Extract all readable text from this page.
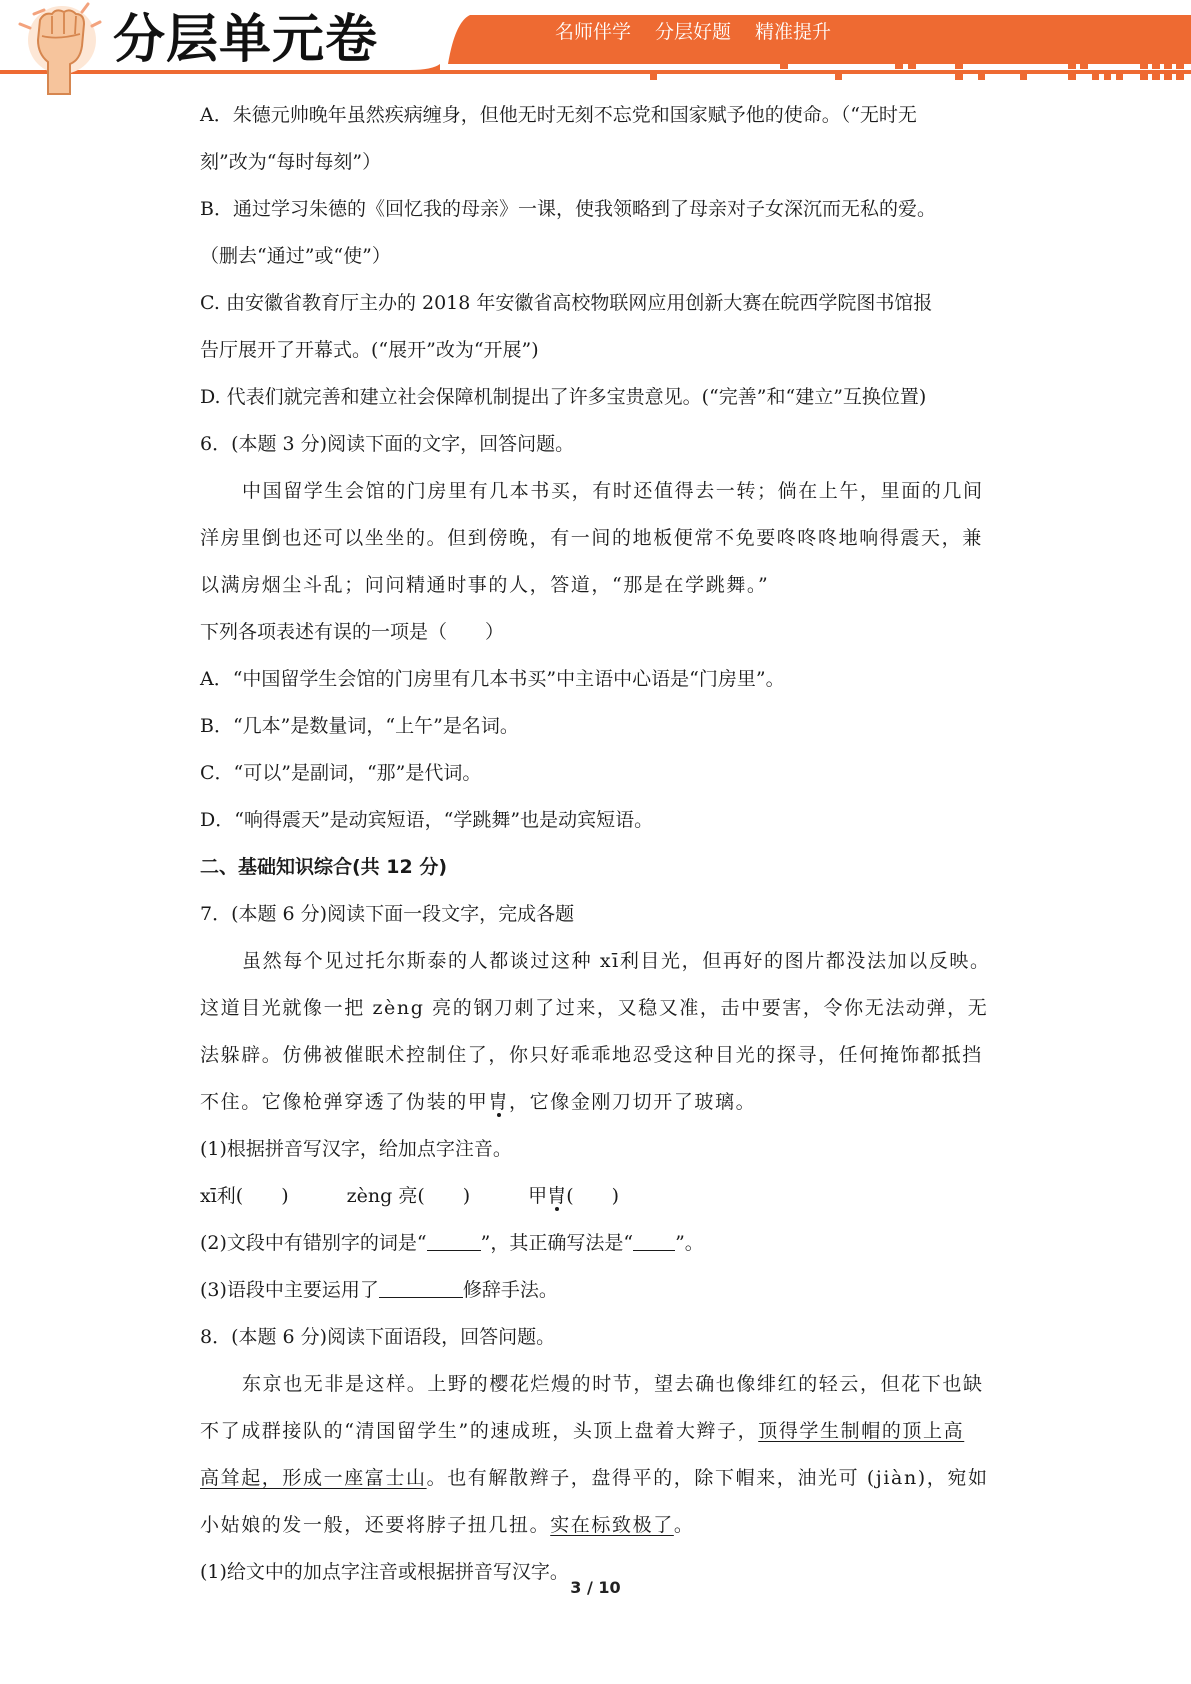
分层单元卷	名师伴学 分层好题 精准提升
A．朱德元帅晚年虽然疾病缠身，但他无时无刻不忘党和国家赋予他的使命。（“无时无
刻”改为“每时每刻”）
B．通过学习朱德的《回忆我的母亲》一课，使我领略到了母亲对子女深沉而无私的爱。
（删去“通过”或“使”）
C. 由安徽省教育厅主办的 2018 年安徽省高校物联网应用创新大赛在皖西学院图书馆报
告厅展开了开幕式。(“展开”改为“开展”)
D. 代表们就完善和建立社会保障机制提出了许多宝贵意见。(“完善”和“建立”互换位置)
6．(本题 3 分)阅读下面的文字，回答问题。
中国留学生会馆的门房里有几本书买，有时还值得去一转；倘在上午，里面的几间
洋房里倒也还可以坐坐的。但到傍晚，有一间的地板便常不免要咚咚咚地响得震天，兼
以满房烟尘斗乱；问问精通时事的人，答道，“那是在学跳舞。”
下列各项表述有误的一项是（　　）
A．“中国留学生会馆的门房里有几本书买”中主语中心语是“门房里”。
B．“几本”是数量词，“上午”是名词。
C．“可以”是副词，“那”是代词。
D．“响得震天”是动宾短语，“学跳舞”也是动宾短语。
二、基础知识综合(共 12 分)
7．(本题 6 分)阅读下面一段文字，完成各题
虽然每个见过托尔斯泰的人都谈过这种 xī利目光，但再好的图片都没法加以反映。
这道目光就像一把 zèng 亮的钢刀刺了过来，又稳又准，击中要害，令你无法动弹，无
法躲辟。仿佛被催眠术控制住了，你只好乖乖地忍受这种目光的探寻，任何掩饰都抵挡
不住。它像枪弹穿透了伪装的甲胄，它像金刚刀切开了玻璃。
(1)根据拼音写汉字，给加点字注音。
xī利(　　)	zèng 亮(　　)	甲胄(　　)
(2)文段中有错别字的词是“	”，其正确写法是“ ”。
(3)语段中主要运用了	修辞手法。
8．(本题 6 分)阅读下面语段，回答问题。
东京也无非是这样。上野的樱花烂熳的时节，望去确也像绯红的轻云，但花下也缺
不了成群接队的“清国留学生”的速成班，头顶上盘着大辫子，顶得学生制帽的顶上高
高耸起，形成一座富士山。也有解散辫子，盘得平的，除下帽来，油光可 (jiàn)，宛如
小姑娘的发一般，还要将脖子扭几扭。实在标致极了。
(1)给文中的加点字注音或根据拼音写汉字。
3 / 10
